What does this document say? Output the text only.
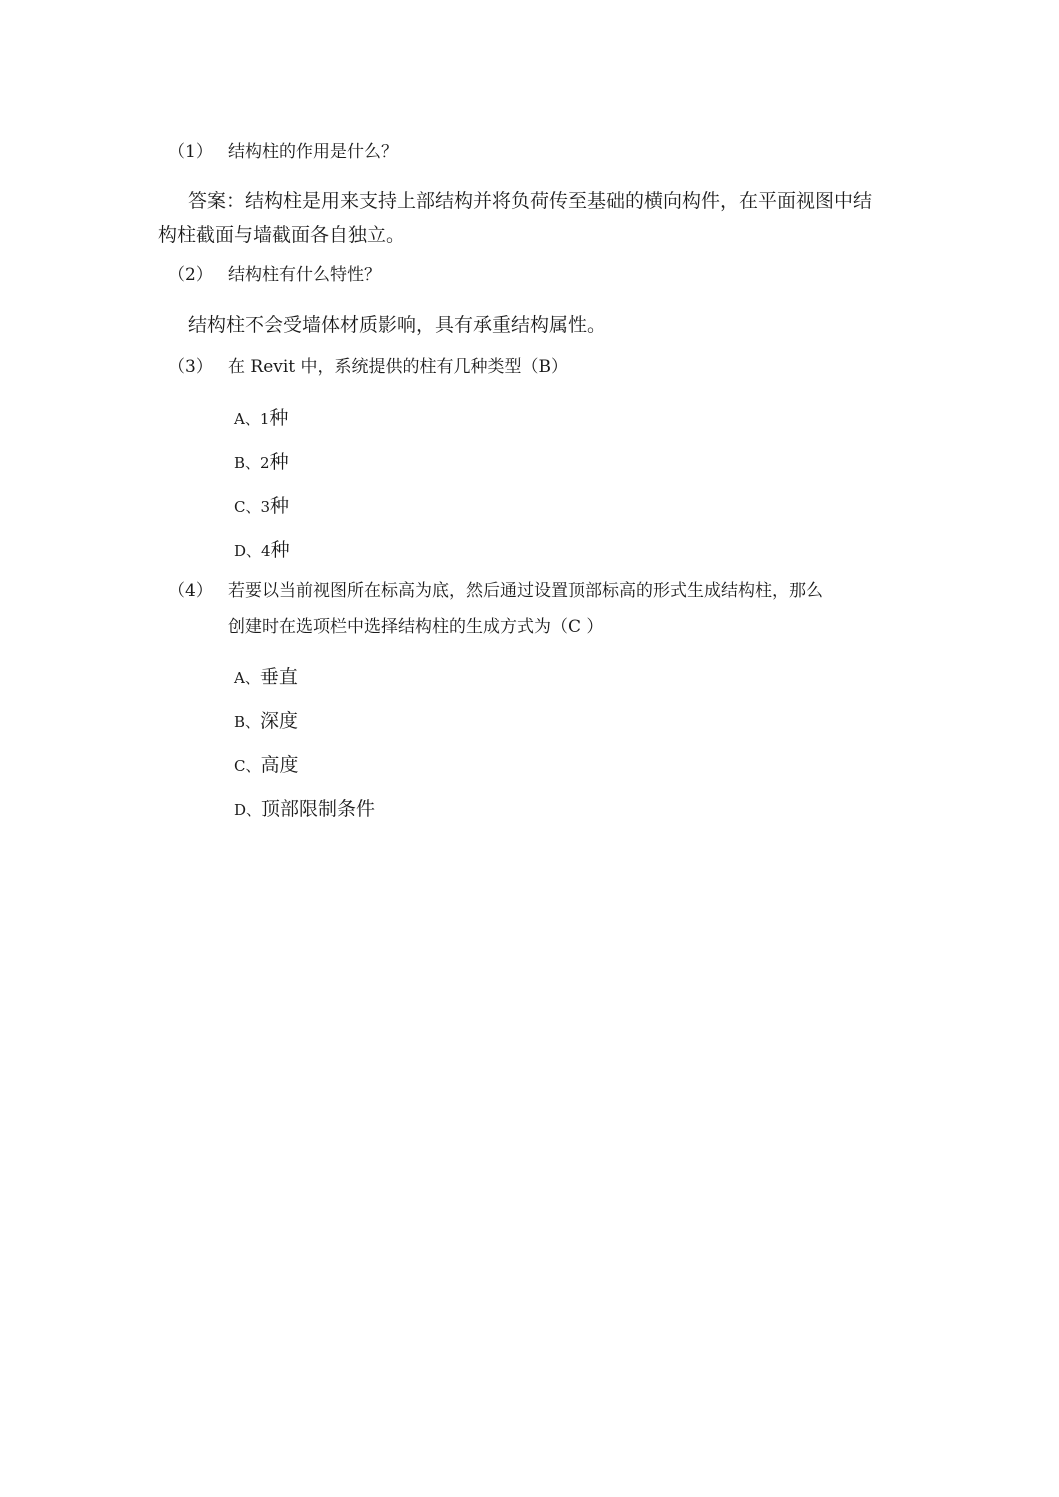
（1） 结构柱的作用是什么？
答案：结构柱是用来支持上部结构并将负荷传至基础的横向构件，在平面视图中结
构柱截面与墙截面各自独立。
（2） 结构柱有什么特性？
结构柱不会受墙体材质影响，具有承重结构属性。
（3） 在 Revit 中，系统提供的柱有几种类型（B）
A、1种
B、2种
C、3种
D、4种
（4） 若要以当前视图所在标高为底，然后通过设置顶部标高的形式生成结构柱，那么
创建时在选项栏中选择结构柱的生成方式为（C ）
A、垂直
B、深度
C、高度
D、顶部限制条件
